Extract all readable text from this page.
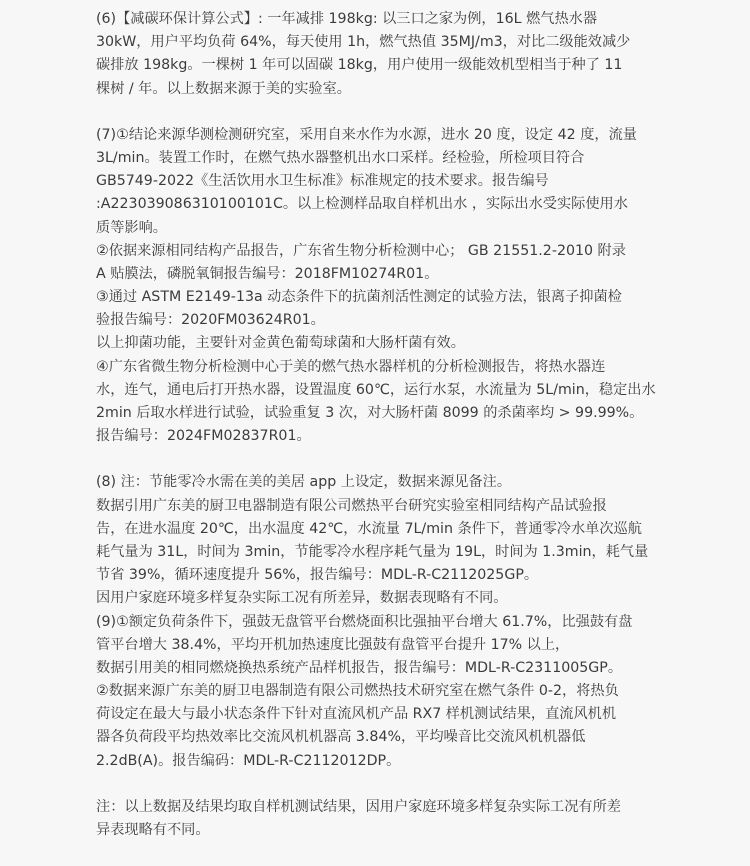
(6)【减碳环保计算公式】: 一年减排 198kg: 以三口之家为例，16L 燃气热水器
30kW，用户平均负荷 64%，每天使用 1h，燃气热值 35MJ/m3，对比二级能效减少
碳排放 198kg。一棵树 1 年可以固碳 18kg，用户使用一级能效机型相当于种了 11
棵树 / 年。以上数据来源于美的实验室。
(7)①结论来源华测检测研究室，采用自来水作为水源，进水 20 度，设定 42 度，流量
3L/min。装置工作时，在燃气热水器整机出水口采样。经检验，所检项目符合
GB5749-2022《生活饮用水卫生标准》标准规定的技术要求。报告编号
:A223039086310100101C。以上检测样品取自样机出水 ，实际出水受实际使用水
质等影响。
②依据来源相同结构产品报告，广东省生物分析检测中心； GB 21551.2-2010 附录
A 贴膜法，磷脱氧铜报告编号：2018FM10274R01。
③通过 ASTM E2149-13a 动态条件下的抗菌剂活性测定的试验方法，银离子抑菌检
验报告编号：2020FM03624R01。
以上抑菌功能，主要针对金黄色葡萄球菌和大肠杆菌有效。
④广东省微生物分析检测中心于美的燃气热水器样机的分析检测报告，将热水器连
水，连气，通电后打开热水器，设置温度 60℃，运行水泵，水流量为 5L/min，稳定出水
2min 后取水样进行试验，试验重复 3 次，对大肠杆菌 8099 的杀菌率均 > 99.99%。
报告编号：2024FM02837R01。
(8) 注：节能零冷水需在美的美居 app 上设定，数据来源见备注。
数据引用广东美的厨卫电器制造有限公司燃热平台研究实验室相同结构产品试验报
告，在进水温度 20℃，出水温度 42℃，水流量 7L/min 条件下，普通零冷水单次巡航
耗气量为 31L，时间为 3min，节能零冷水程序耗气量为 19L，时间为 1.3min，耗气量
节省 39%，循环速度提升 56%，报告编号：MDL-R-C2112025GP。
因用户家庭环境多样复杂实际工况有所差异，数据表现略有不同。
(9)①额定负荷条件下，强鼓无盘管平台燃烧面积比强抽平台增大 61.7%，比强鼓有盘
管平台增大 38.4%，平均开机加热速度比强鼓有盘管平台提升 17% 以上，
数据引用美的相同燃烧换热系统产品样机报告，报告编号：MDL-R-C2311005GP。
②数据来源广东美的厨卫电器制造有限公司燃热技术研究室在燃气条件 0-2，将热负
荷设定在最大与最小状态条件下针对直流风机产品 RX7 样机测试结果，直流风机机
器各负荷段平均热效率比交流风机机器高 3.84%，平均噪音比交流风机机器低
2.2dB(A)。报告编码：MDL-R-C2112012DP。
注：以上数据及结果均取自样机测试结果，因用户家庭环境多样复杂实际工况有所差
异表现略有不同。
